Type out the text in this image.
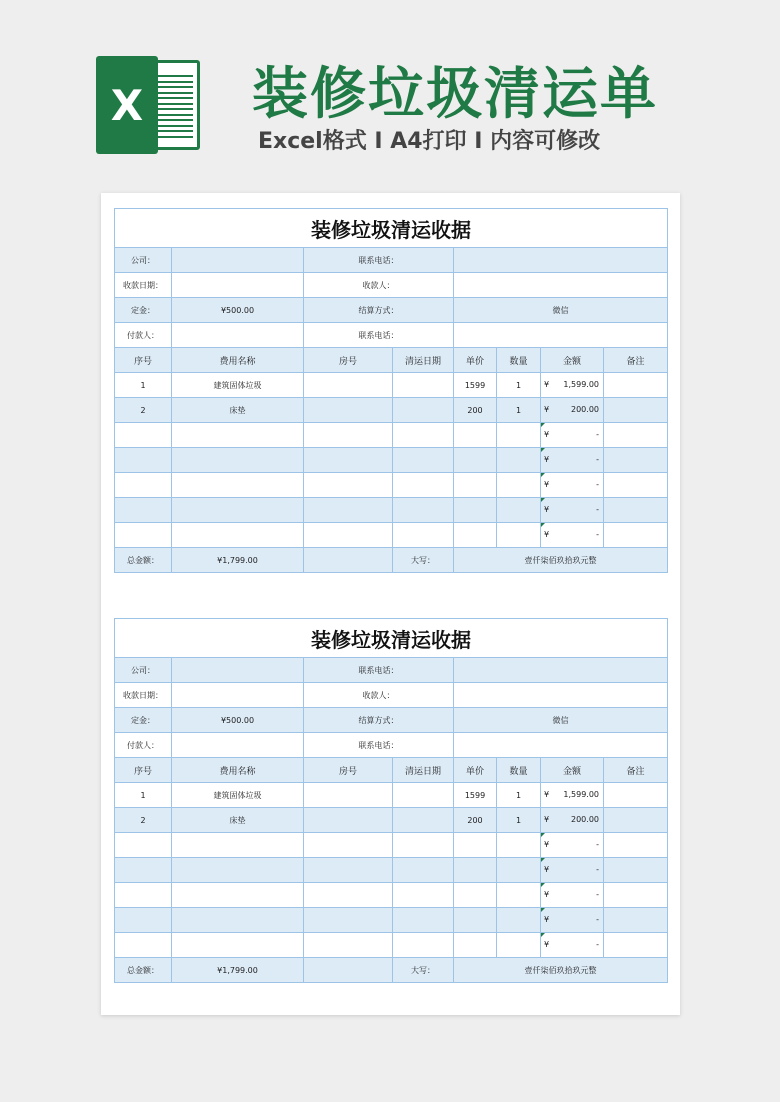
X 装修垃圾清运单
Excel格式 I A4打印 I 内容可修改
装修垃圾清运收据							
公司：		联系电话：					
收款日期：		收款人：					
定金：	¥500.00	结算方式：		微信			
付款人：		联系电话：					
序号	费用名称	房号	清运日期	单价	数量	金额	备注
1	建筑固体垃圾			1599	1	¥ 1,599.00	

2	床垫			200	1	¥ 200.00	

						¥ -	

						¥ -	

						¥ -	

						¥ -	

						¥ -	

总金额：	¥1,799.00		大写：	壹仟柒佰玖拾玖元整			
装修垃圾清运收据							
公司：		联系电话：					
收款日期：		收款人：					
定金：	¥500.00	结算方式：		微信			
付款人：		联系电话：					
序号	费用名称	房号	清运日期	单价	数量	金额	备注
1	建筑固体垃圾			1599	1	¥ 1,599.00	

2	床垫			200	1	¥ 200.00	

						¥ -	

						¥ -	

						¥ -	

						¥ -	

						¥ -	

总金额：	¥1,799.00		大写：	壹仟柒佰玖拾玖元整			
